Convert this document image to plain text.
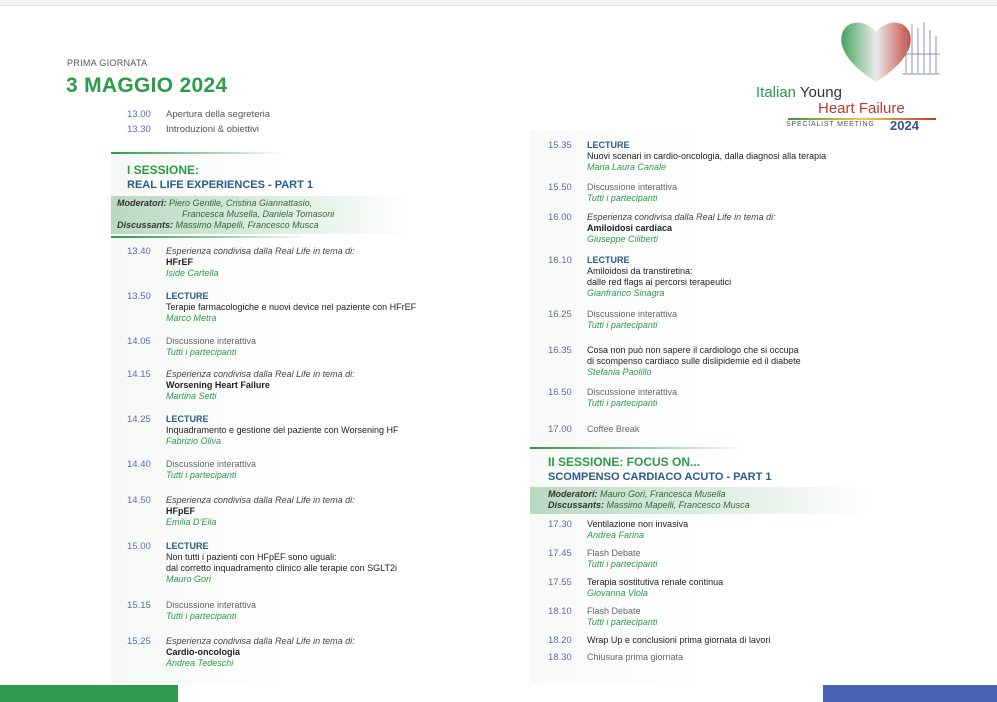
PRIMA GIORNATA
3 MAGGIO 2024	Italian Young
Heart Failure
SPECIALIST MEETING 2024
13.00 Apertura della segreteria
13.30 Introduzioni & obiettivi
I SESSIONE:
REAL LIFE EXPERIENCES - PART 1
Moderatori: Piero Gentile, Cristina Giannattasio,
Francesca Musella, Daniela Tomasoni
Discussants: Massimo Mapelli, Francesco Musca
13.40 Esperienza condivisa dalla Real Life in tema di:
HFrEF
Iside Cartella
13.50 LECTURE
Terapie farmacologiche e nuovi device nel paziente con HFrEF
Marco Metra
14.05 Discussione interattiva
Tutti i partecipanti
14.15 Esperienza condivisa dalla Real Life in tema di:
Worsening Heart Failure
Martina Setti
14.25 LECTURE
Inquadramento e gestione del paziente con Worsening HF
Fabrizio Oliva
14.40 Discussione interattiva
Tutti i partecipanti
14.50 Esperienza condivisa dalla Real Life in tema di:
HFpEF
Emilia D’Elia
15.00 LECTURE
Non tutti i pazienti con HFpEF sono uguali:
dal corretto inquadramento clinico alle terapie con SGLT2i
Mauro Gori
15.15 Discussione interattiva
Tutti i partecipanti
15.25 Esperienza condivisa dalla Real Life in tema di:
Cardio-oncologia
Andrea Tedeschi
15.35 LECTURE
Nuovi scenari in cardio-oncologia, dalla diagnosi alla terapia
Maria Laura Canale
15.50 Discussione interattiva
Tutti i partecipanti
16.00 Esperienza condivisa dalla Real Life in tema di:
Amiloidosi cardiaca
Giuseppe Ciliberti
16.10 LECTURE
Amiloidosi da transtiretina:
dalle red flags ai percorsi terapeutici
Gianfranco Sinagra
16.25 Discussione interattiva
Tutti i partecipanti
16.35 Cosa non può non sapere il cardiologo che si occupa
di scompenso cardiaco sulle dislipidemie ed il diabete
Stefania Paolillo
16.50 Discussione interattiva
Tutti i partecipanti
17.00 Coffee Break
II SESSIONE: FOCUS ON...
SCOMPENSO CARDIACO ACUTO - PART 1
Moderatori: Mauro Gori, Francesca Musella
Discussants: Massimo Mapelli, Francesco Musca
17.30 Ventilazione non invasiva
Andrea Farina
17.45 Flash Debate
Tutti i partecipanti
17.55 Terapia sostitutiva renale continua
Giovanna Viola
18.10 Flash Debate
Tutti i partecipanti
18.20 Wrap Up e conclusioni prima giornata di lavori
18.30 Chiusura prima giornata
